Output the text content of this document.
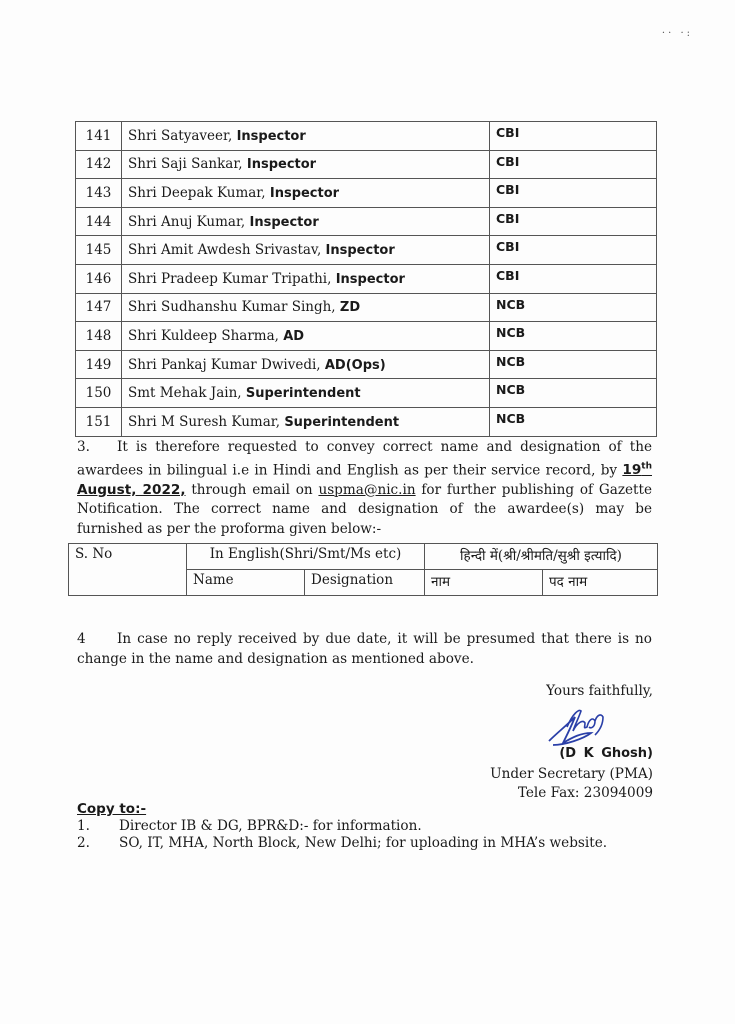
·· ·:
141	Shri Satyaveer, Inspector	CBI
142	Shri Saji Sankar, Inspector	CBI
143	Shri Deepak Kumar, Inspector	CBI
144	Shri Anuj Kumar, Inspector	CBI
145	Shri Amit Awdesh Srivastav, Inspector	CBI
146	Shri Pradeep Kumar Tripathi, Inspector	CBI
147	Shri Sudhanshu Kumar Singh, ZD	NCB
148	Shri Kuldeep Sharma, AD	NCB
149	Shri Pankaj Kumar Dwivedi, AD(Ops)	NCB
150	Smt Mehak Jain, Superintendent	NCB
151	Shri M Suresh Kumar, Superintendent	NCB
3. It is therefore requested to convey correct name and designation of the awardees in bilingual i.e in Hindi and English as per their service record, by 19th August, 2022, through email on uspma@nic.in for further publishing of Gazette Notification. The correct name and designation of the awardee(s) may be furnished as per the proforma given below:-
S. No	In English(Shri/Smt/Ms etc)		हिन्दी में(श्री/श्रीमति/सुश्री इत्यादि)	
	Name	Designation	नाम	पद नाम
4 In case no reply received by due date, it will be presumed that there is no change in the name and designation as mentioned above.
Yours faithfully,
(D K Ghosh)
Under Secretary (PMA)
Tele Fax: 23094009
Copy to:-
1.	Director IB & DG, BPR&D:- for information.
2.	SO, IT, MHA, North Block, New Delhi; for uploading in MHA’s website.
